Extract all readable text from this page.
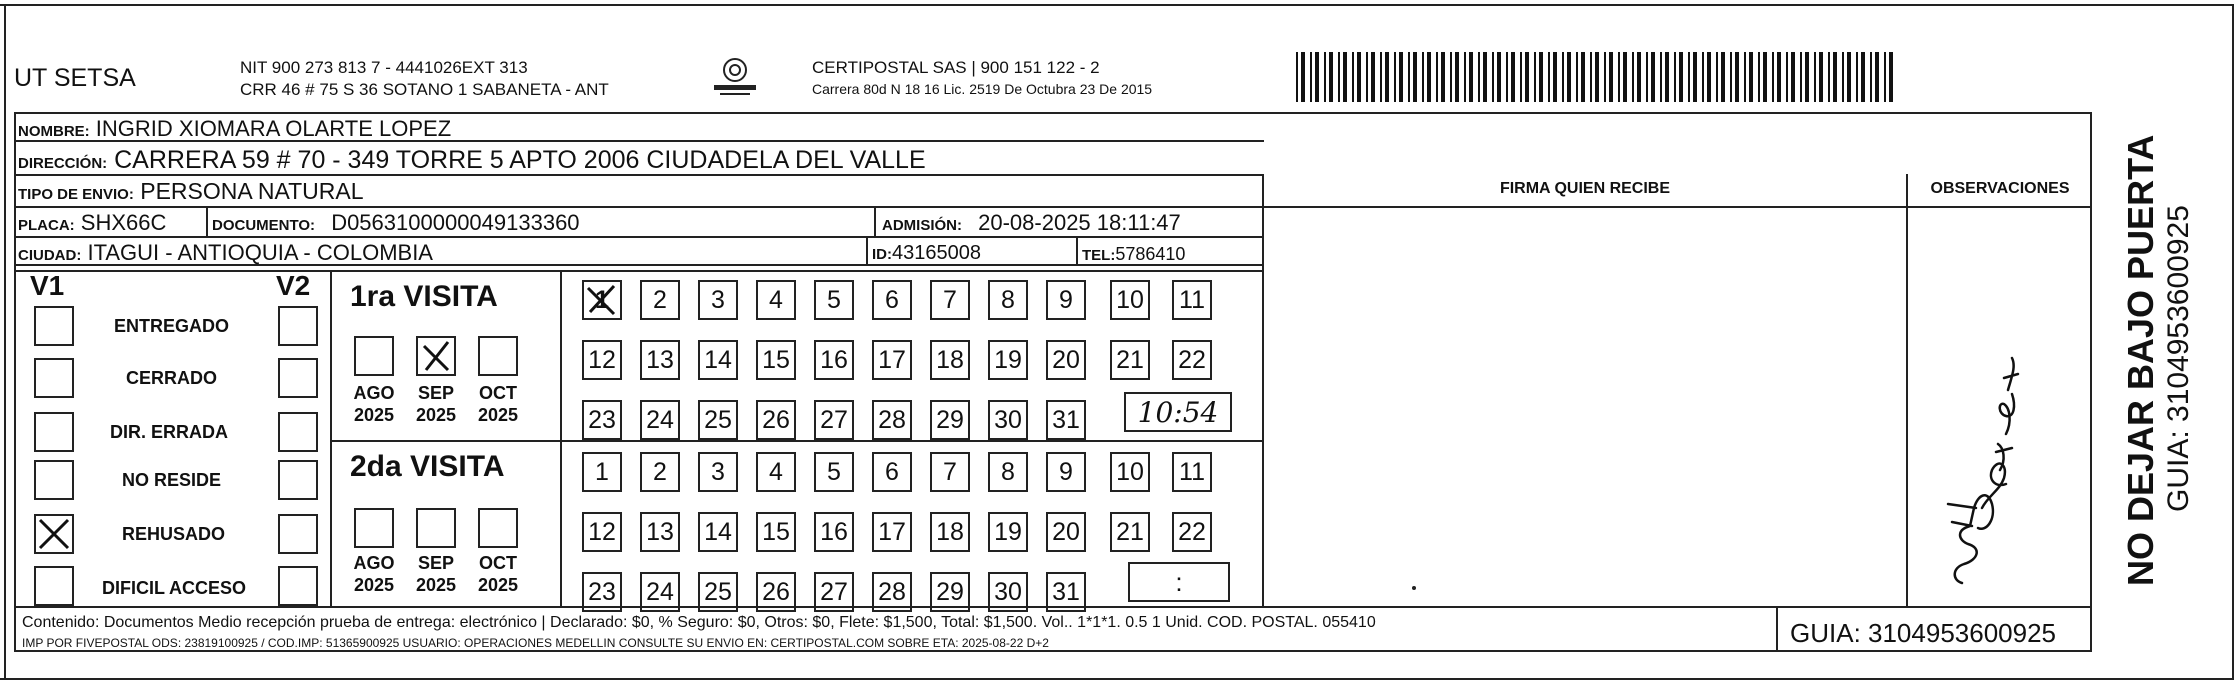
UT SETSA	NIT 900 273 813 7 - 4441026EXT 313
CRR 46 # 75 S 36 SOTANO 1 SABANETA - ANT
CERTIPOSTAL SAS | 900 151 122 - 2
Carrera 80d N 18 16 Lic. 2519 De Octubra 23 De 2015
NOMBRE: INGRID XIOMARA OLARTE LOPEZ
DIRECCIÓN: CARRERA 59 # 70 - 349 TORRE 5 APTO 2006 CIUDADELA DEL VALLE
TIPO DE ENVIO: PERSONA NATURAL
PLACA: SHX66C	DOCUMENTO: D0563100000049133360	ADMISIÓN: 20-08-2025 18:11:47
CIUDAD: ITAGUI - ANTIOQUIA - COLOMBIA	ID:43165008	TEL:5786410
FIRMA QUIEN RECIBE	OBSERVACIONES
V1	V2
ENTREGADO
CERRADO
DIR. ERRADA
NO RESIDE
REHUSADO
DIFICIL ACCESO
1ra VISITA
AGO
2025
SEP
2025
OCT
2025
1	2	3	4	5	6	7	8	9	10 11
12 13 14 15 16 17 18 19 20 21 22
23 24 25 26 27 28 29 30 31	10:54
2da VISITA
AGO
2025
SEP
2025
OCT
2025
1	2	3	4	5	6	7	8	9	10 11
12 13 14 15 16 17 18 19 20 21 22
23 24 25 26 27 28 29 30 31	:	NO DEJAR BAJO PUERTA GUIA: 3104953600925
Contenido: Documentos Medio recepción prueba de entrega: electrónico | Declarado: $0, % Seguro: $0, Otros: $0, Flete: $1,500, Total: $1,500. Vol.. 1*1*1. 0.5 1 Unid. COD. POSTAL. 055410
IMP POR FIVEPOSTAL ODS: 23819100925 / COD.IMP: 51365900925 USUARIO: OPERACIONES MEDELLIN CONSULTE SU ENVIO EN: CERTIPOSTAL.COM SOBRE ETA: 2025-08-22 D+2	GUIA: 3104953600925
